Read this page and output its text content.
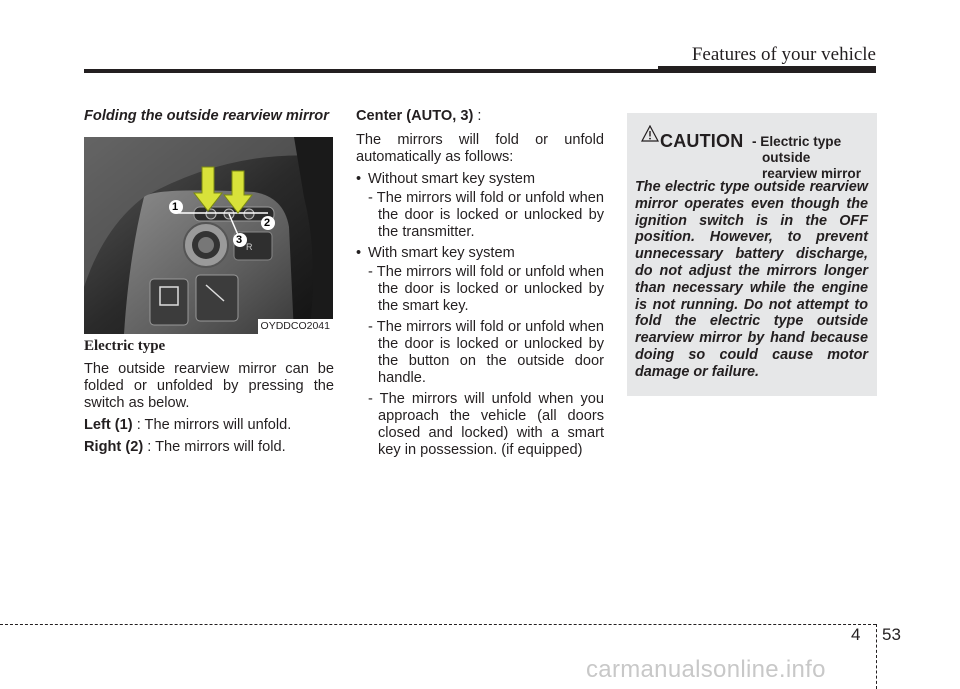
Features of your vehicle
Folding the outside rearview mirror
R
1
2
3
OYDDCO2041
Electric type

The outside rearview mirror can be folded or unfolded by pressing the switch as below.

Left (1) : The mirrors will unfold.

Right (2) : The mirrors will fold.

Center (AUTO, 3) :

The mirrors will fold or unfold automatically as follows:

• Without smart key system
- The mirrors will fold or unfold when the door is locked or unlocked by the transmitter.
• With smart key system
- The mirrors will fold or unfold when the door is locked or unlocked by the smart key.
- The mirrors will fold or unfold when the door is locked or unlocked by the button on the outside door handle.
- The mirrors will unfold when you approach the vehicle (all doors closed and locked) with a smart key in possession. (if equipped)
CAUTION - Electric type
outside
rearview mirror
The electric type outside rearview mirror operates even though the ignition switch is in the OFF position. However, to prevent unnecessary battery discharge, do not adjust the mirrors longer than necessary while the engine is not running. Do not attempt to fold the electric type outside rearview mirror by hand because doing so could cause motor damage or failure.
4 53
carmanualsonline.info
